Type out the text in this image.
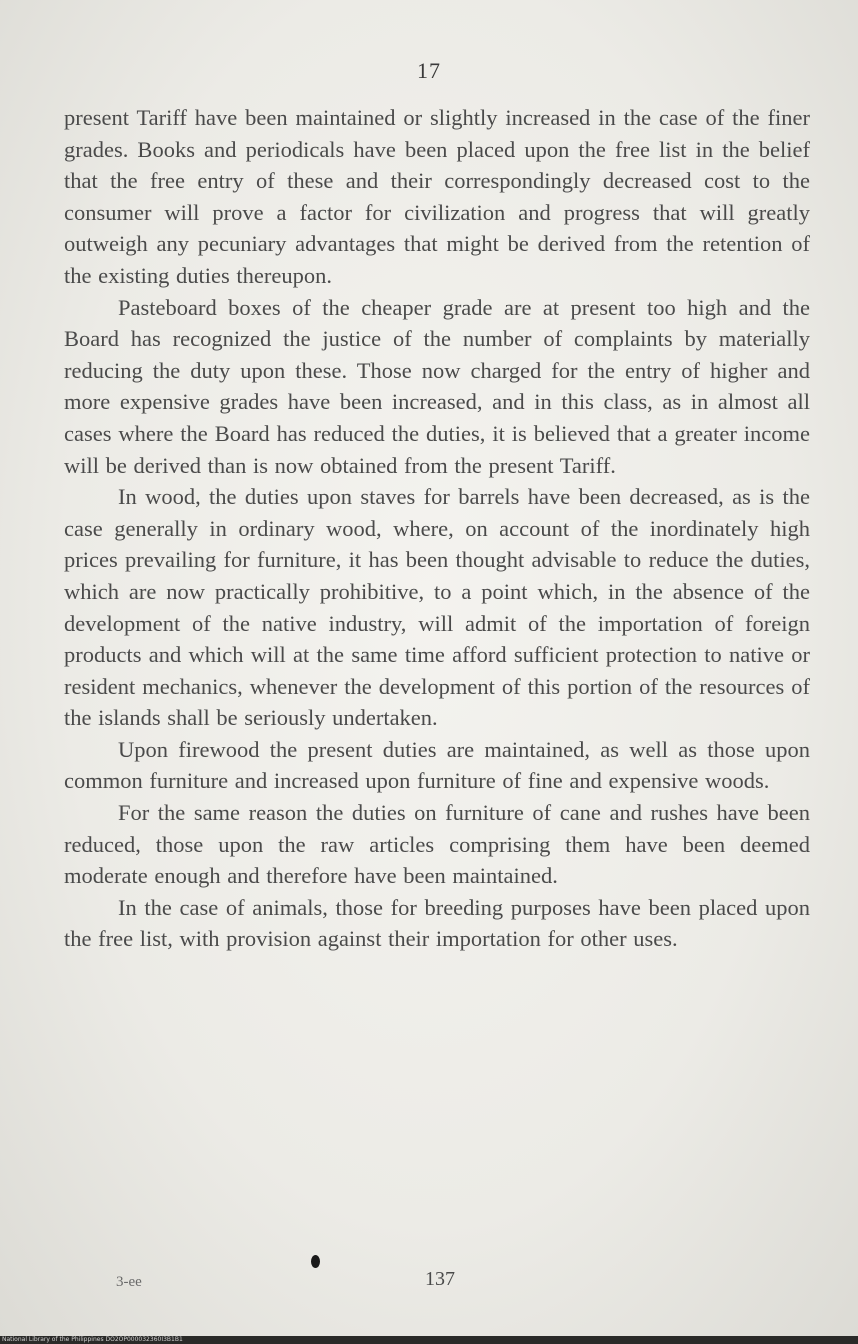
17

present Tariff have been maintained or slightly increased in the case of the finer grades. Books and periodicals have been placed upon the free list in the belief that the free entry of these and their correspondingly decreased cost to the consumer will prove a factor for civilization and progress that will greatly outweigh any pecuniary advantages that might be derived from the retention of the existing duties thereupon.

Pasteboard boxes of the cheaper grade are at present too high and the Board has recognized the justice of the number of complaints by materially reducing the duty upon these. Those now charged for the entry of higher and more expensive grades have been increased, and in this class, as in almost all cases where the Board has reduced the duties, it is believed that a greater income will be derived than is now obtained from the present Tariff.

In wood, the duties upon staves for barrels have been decreased, as is the case generally in ordinary wood, where, on account of the inordinately high prices prevailing for furniture, it has been thought advisable to reduce the duties, which are now practically prohibitive, to a point which, in the absence of the development of the native industry, will admit of the importation of foreign products and which will at the same time afford sufficient protection to native or resident mechanics, whenever the development of this portion of the resources of the islands shall be seriously undertaken.

Upon firewood the present duties are maintained, as well as those upon common furniture and increased upon furniture of fine and expensive woods.

For the same reason the duties on furniture of cane and rushes have been reduced, those upon the raw articles comprising them have been deemed moderate enough and therefore have been maintained.

In the case of animals, those for breeding purposes have been placed upon the free list, with provision against their importation for other uses.

3-ee	137
National Library of the Philippines DO2OP000032360I3B1B1
